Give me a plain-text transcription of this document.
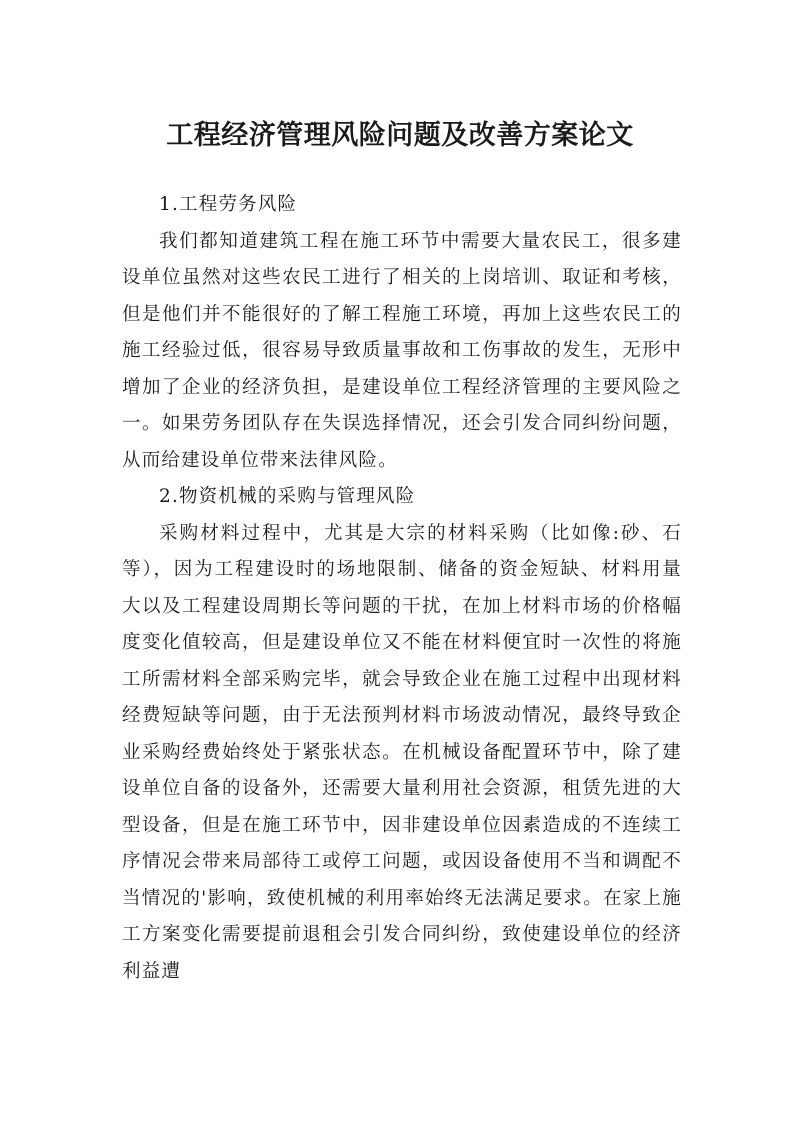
工程经济管理风险问题及改善方案论文

1.工程劳务风险

我们都知道建筑工程在施工环节中需要大量农民工，很多建设单位虽然对这些农民工进行了相关的上岗培训、取证和考核，但是他们并不能很好的了解工程施工环境，再加上这些农民工的施工经验过低，很容易导致质量事故和工伤事故的发生，无形中增加了企业的经济负担，是建设单位工程经济管理的主要风险之一。如果劳务团队存在失误选择情况，还会引发合同纠纷问题，从而给建设单位带来法律风险。

2.物资机械的采购与管理风险

采购材料过程中，尤其是大宗的材料采购（比如像:砂、石等），因为工程建设时的场地限制、储备的资金短缺、材料用量大以及工程建设周期长等问题的干扰，在加上材料市场的价格幅度变化值较高，但是建设单位又不能在材料便宜时一次性的将施工所需材料全部采购完毕，就会导致企业在施工过程中出现材料经费短缺等问题，由于无法预判材料市场波动情况，最终导致企业采购经费始终处于紧张状态。在机械设备配置环节中，除了建设单位自备的设备外，还需要大量利用社会资源，租赁先进的大型设备，但是在施工环节中，因非建设单位因素造成的不连续工序情况会带来局部待工或停工问题，或因设备使用不当和调配不当情况的'影响，致使机械的利用率始终无法满足要求。在家上施工方案变化需要提前退租会引发合同纠纷，致使建设单位的经济利益遭
